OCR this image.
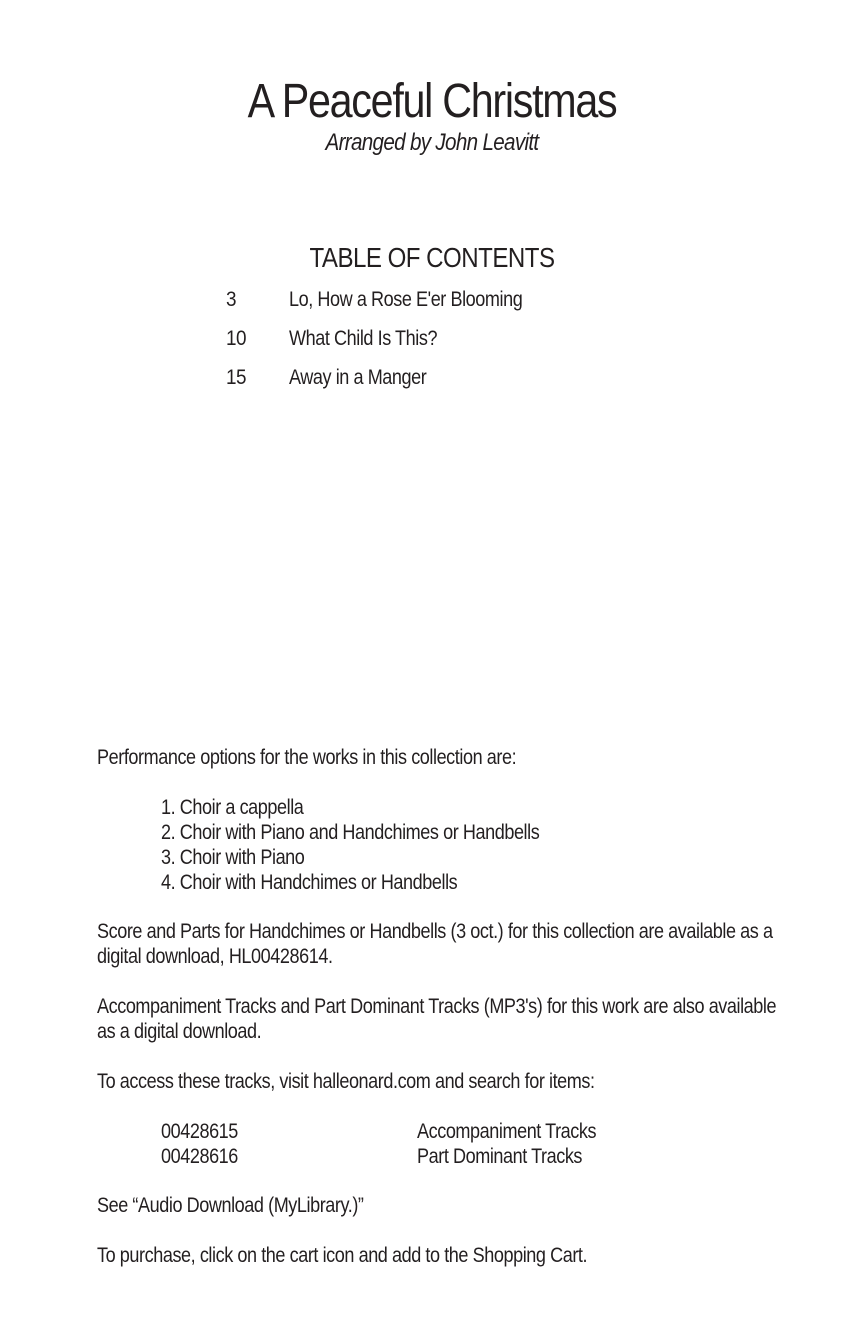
A Peaceful Christmas
Arranged by John Leavitt
TABLE OF CONTENTS
3	Lo, How a Rose E'er Blooming
10 What Child Is This?
15 Away in a Manger
Performance options for the works in this collection are:
1. Choir a cappella
2. Choir with Piano and Handchimes or Handbells
3. Choir with Piano
4. Choir with Handchimes or Handbells
Score and Parts for Handchimes or Handbells (3 oct.) for this collection are available as a
digital download, HL00428614.
Accompaniment Tracks and Part Dominant Tracks (MP3's) for this work are also available
as a digital download.
To access these tracks, visit halleonard.com and search for items:
00428615	Accompaniment Tracks
00428616	Part Dominant Tracks
See “Audio Download (MyLibrary.)”
To purchase, click on the cart icon and add to the Shopping Cart.
